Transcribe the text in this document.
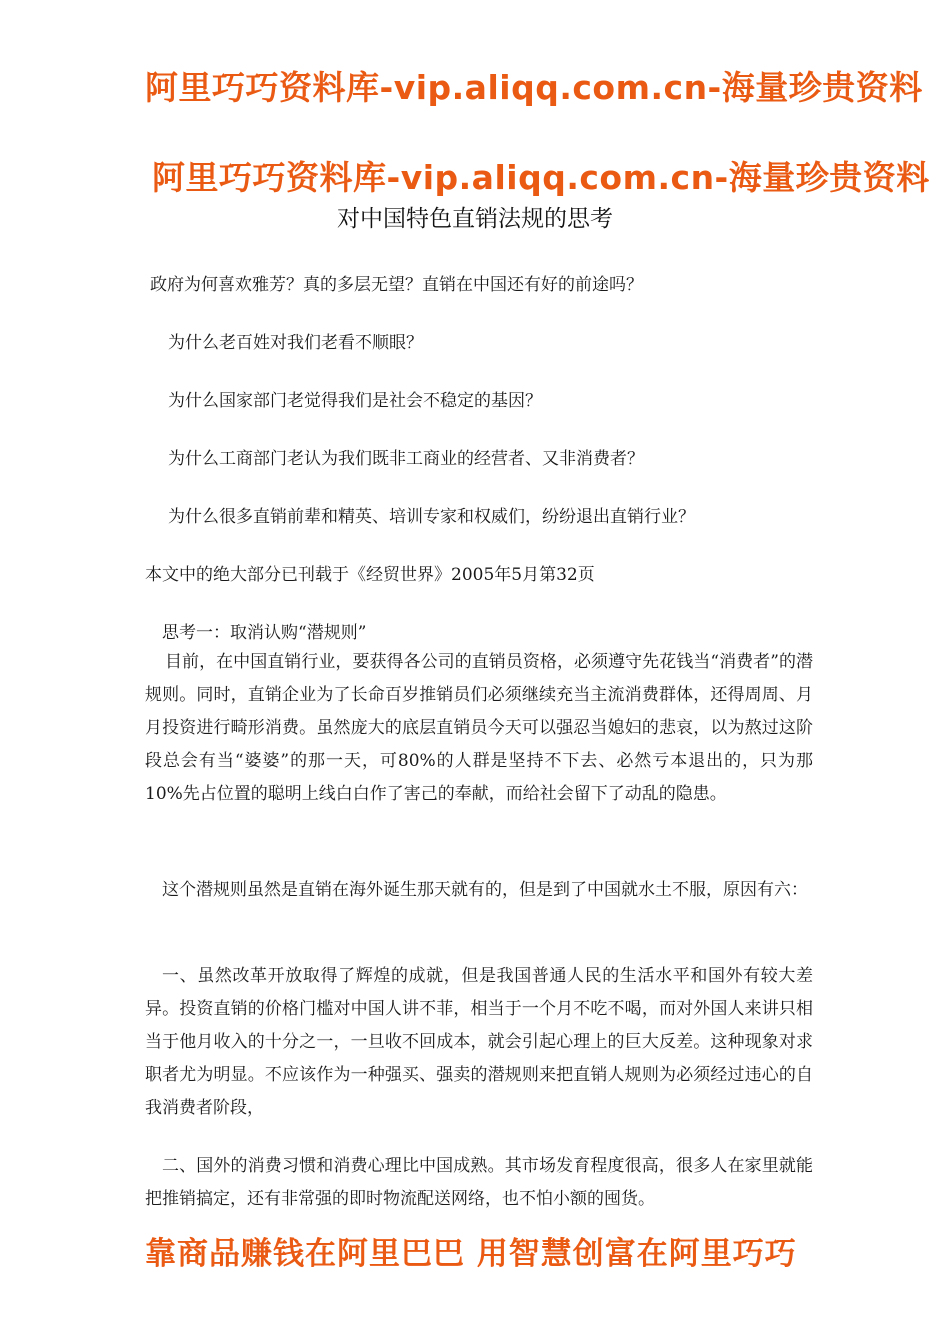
阿里巧巧资料库-vip.aliqq.com.cn-海量珍贵资料
阿里巧巧资料库-vip.aliqq.com.cn-海量珍贵资料
对中国特色直销法规的思考
政府为何喜欢雅芳？真的多层无望？直销在中国还有好的前途吗？
为什么老百姓对我们老看不顺眼？
为什么国家部门老觉得我们是社会不稳定的基因？
为什么工商部门老认为我们既非工商业的经营者、又非消费者？
为什么很多直销前辈和精英、培训专家和权威们，纷纷退出直销行业？
本文中的绝大部分已刊载于《经贸世界》2005年5月第32页
思考一：取消认购“潜规则”

目前，在中国直销行业，要获得各公司的直销员资格，必须遵守先花钱当“消费者”的潜规则。同时，直销企业为了长命百岁推销员们必须继续充当主流消费群体，还得周周、月月投资进行畸形消费。虽然庞大的底层直销员今天可以强忍当媳妇的悲哀，以为熬过这阶段总会有当“婆婆”的那一天，可80%的人群是坚持不下去、必然亏本退出的，只为那10%先占位置的聪明上线白白作了害己的奉献，而给社会留下了动乱的隐患。

这个潜规则虽然是直销在海外诞生那天就有的，但是到了中国就水土不服，原因有六：

一、虽然改革开放取得了辉煌的成就，但是我国普通人民的生活水平和国外有较大差异。投资直销的价格门槛对中国人讲不菲，相当于一个月不吃不喝，而对外国人来讲只相当于他月收入的十分之一，一旦收不回成本，就会引起心理上的巨大反差。这种现象对求职者尤为明显。不应该作为一种强买、强卖的潜规则来把直销人规则为必须经过违心的自我消费者阶段，

二、国外的消费习惯和消费心理比中国成熟。其市场发育程度很高，很多人在家里就能把推销搞定，还有非常强的即时物流配送网络，也不怕小额的囤货。

靠商品赚钱在阿里巴巴 用智慧创富在阿里巧巧
